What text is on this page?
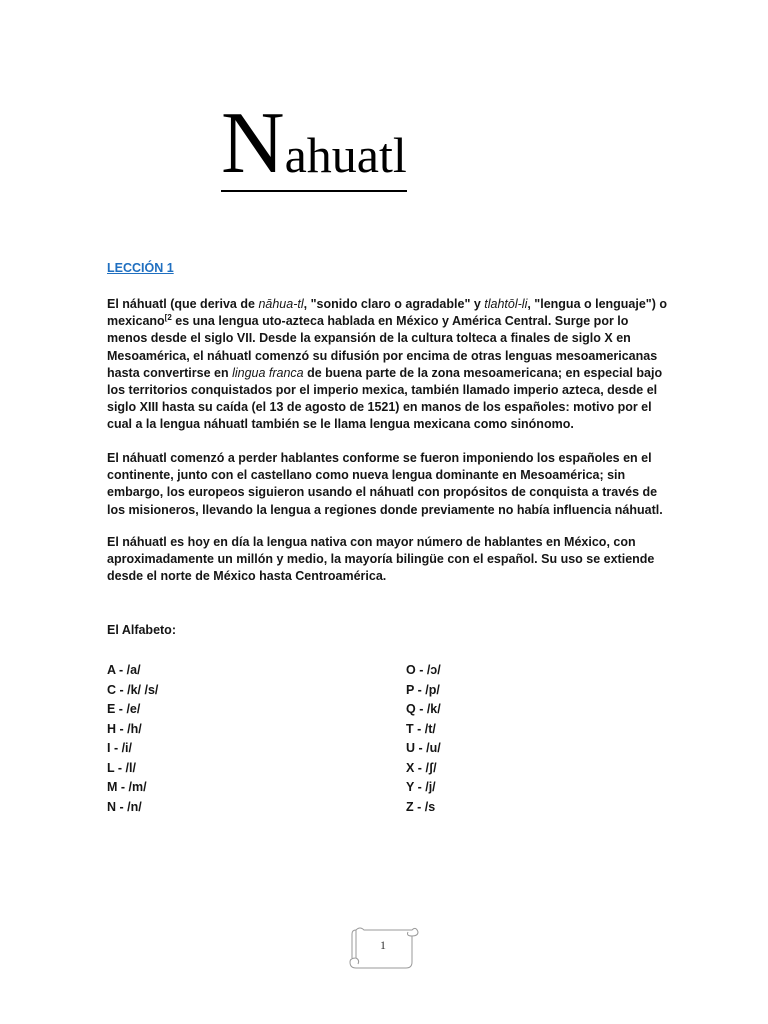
Nahuatl
LECCIÓN 1

El náhuatl (que deriva de nāhua-tl, "sonido claro o agradable" y tlahtōl-li, "lengua o lenguaje") o mexicano$^{[2}$ es una lengua uto-azteca hablada en México y América Central. Surge por lo menos desde el siglo VII. Desde la expansión de la cultura tolteca a finales de siglo X en Mesoamérica, el náhuatl comenzó su difusión por encima de otras lenguas mesoamericanas hasta convertirse en lingua franca de buena parte de la zona mesoamericana; en especial bajo los territorios conquistados por el imperio mexica, también llamado imperio azteca, desde el siglo XIII hasta su caída (el 13 de agosto de 1521) en manos de los españoles: motivo por el cual a la lengua náhuatl también se le llama lengua mexicana como sinónomo.

El náhuatl comenzó a perder hablantes conforme se fueron imponiendo los españoles en el continente, junto con el castellano como nueva lengua dominante en Mesoamérica; sin embargo, los europeos siguieron usando el náhuatl con propósitos de conquista a través de los misioneros, llevando la lengua a regiones donde previamente no había influencia náhuatl.

El náhuatl es hoy en día la lengua nativa con mayor número de hablantes en México, con aproximadamente un millón y medio, la mayoría bilingüe con el español. Su uso se extiende desde el norte de México hasta Centroamérica.

El Alfabeto:
A - /a/
C - /k/ /s/
E - /e/
H - /h/
I - /i/
L - /l/
M - /m/
N - /n/
O - /ɔ/
P - /p/
Q - /k/
T - /t/
U - /u/
X - /ʃ/
Y - /j/
Z - /s
1
